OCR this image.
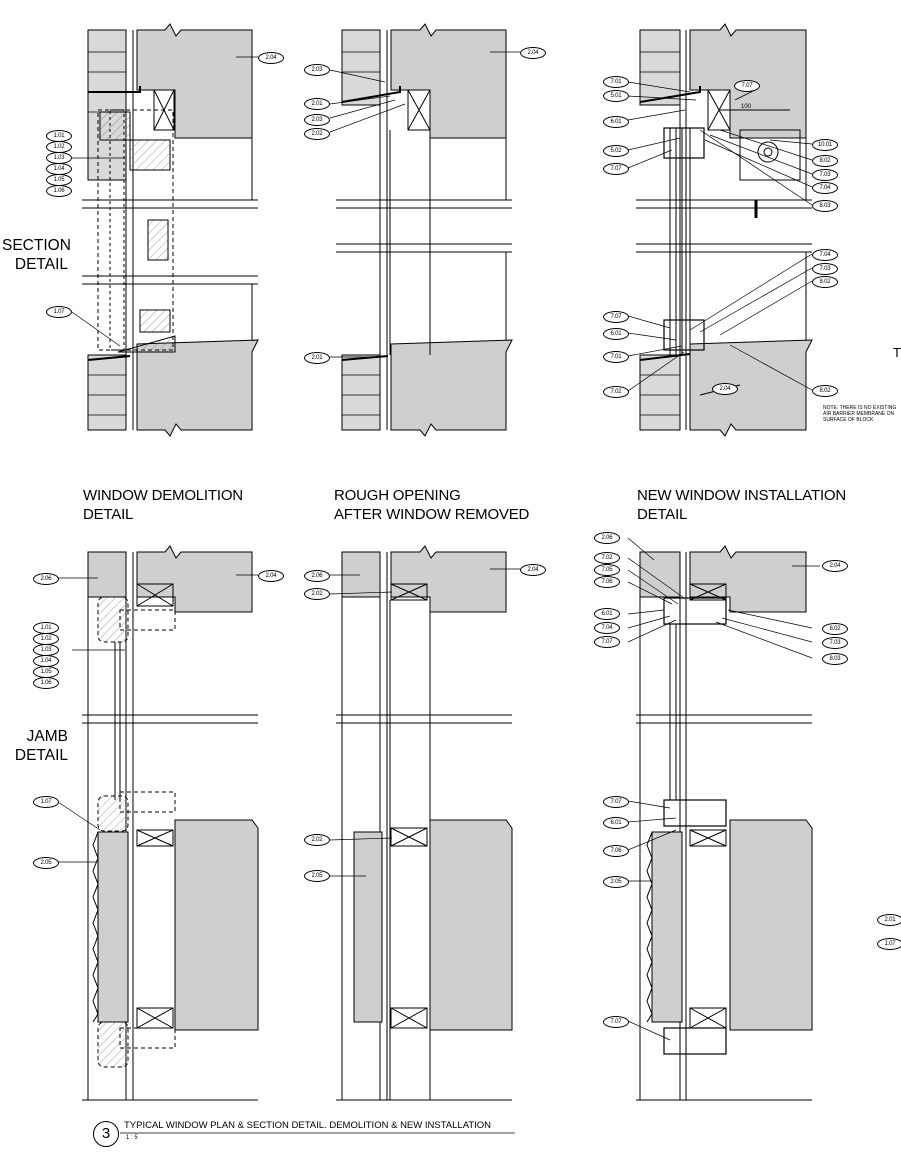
SECTION
DETAIL
JAMB
DETAIL
WINDOW DEMOLITION
DETAIL
ROUGH OPENING
AFTER WINDOW REMOVED
NEW WINDOW INSTALLATION
DETAIL
NOTE: THERE IS NO EXISTING
AIR BARRIER MEMBRANE ON
SURFACE OF BLOCK
100
T
2.04
1.01
1.02
1.03
1.04
1.05
1.06
1.07
2.04
2.03
2.01
2.03
2.02
2.01
7.01
5.01
6.01
5.02
7.07
7.07
10.01
8.02
7.03
7.04
8.03
7.04
7.03
8.02
7.07
6.01
7.01
7.02	2.04	8.02
2.06	2.04
1.01
1.02
1.03
1.04
1.05
1.06
1.07
2.05
2.06
2.02
2.04
2.02
2.05
2.06
7.02
7.05
7.06
6.01
7.04
7.07
2.04
8.02
7.03
8.03
7.07
6.01
7.06
2.05
7.07
2.01
1.07
3	TYPICAL WINDOW PLAN & SECTION DETAIL. DEMOLITION & NEW INSTALLATION
1 : 5
